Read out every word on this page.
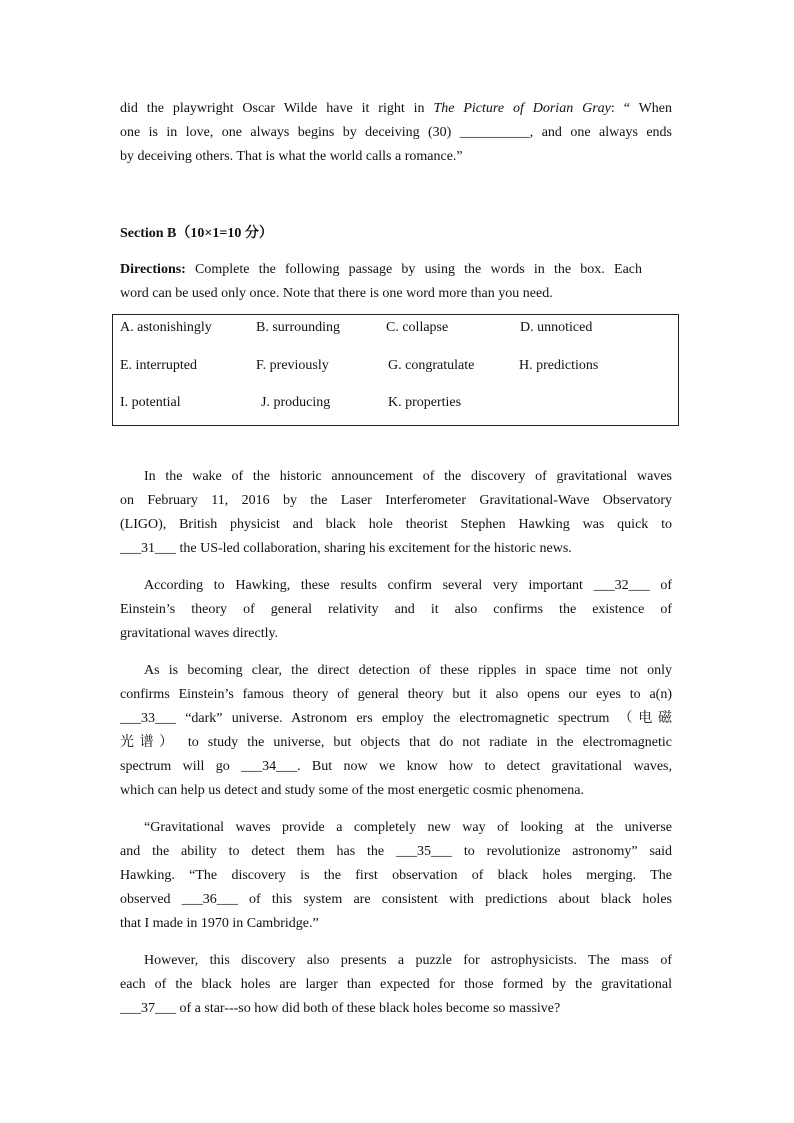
did the playwright Oscar Wilde have it right in The Picture of Dorian Gray: “ When
one is in love, one always begins by deceiving (30) __________, and one always ends
by deceiving others. That is what the world calls a romance.”
Section B（10×1=10 分）
Directions: Complete the following passage by using the words in the box. Each
word can be used only once. Note that there is one word more than you need.
A. astonishingly	B. surrounding	C. collapse	D. unnoticed
E. interrupted	F. previously	G. congratulate	H. predictions
I. potential	J. producing	K. properties
In the wake of the historic announcement of the discovery of gravitational waves
on February 11, 2016 by the Laser Interferometer Gravitational-Wave Observatory
(LIGO), British physicist and black hole theorist Stephen Hawking was quick to
___31___ the US-led collaboration, sharing his excitement for the historic news.
According to Hawking, these results confirm several very important ___32___ of
Einstein’s theory of general relativity and it also confirms the existence of
gravitational waves directly.
As is becoming clear, the direct detection of these ripples in space time not only
confirms Einstein’s famous theory of general theory but it also opens our eyes to a(n)
___33___ “dark” universe. Astronom ers employ the electromagnetic spectrum （电磁
光谱） to study the universe, but objects that do not radiate in the electromagnetic
spectrum will go ___34___. But now we know how to detect gravitational waves,
which can help us detect and study some of the most energetic cosmic phenomena.
“Gravitational waves provide a completely new way of looking at the universe
and the ability to detect them has the ___35___ to revolutionize astronomy” said
Hawking. “The discovery is the first observation of black holes merging. The
observed ___36___ of this system are consistent with predictions about black holes
that I made in 1970 in Cambridge.”
However, this discovery also presents a puzzle for astrophysicists. The mass of
each of the black holes are larger than expected for those formed by the gravitational
___37___ of a star---so how did both of these black holes become so massive?
